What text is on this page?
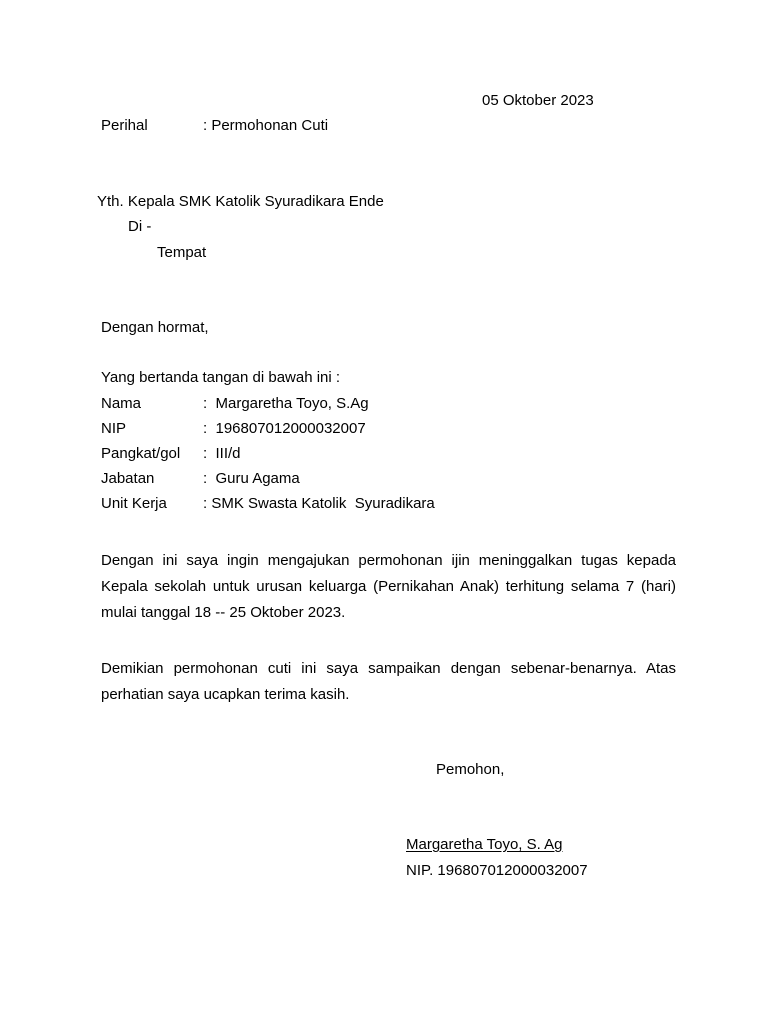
05 Oktober 2023
Perihal	: Permohonan Cuti
Yth. Kepala SMK Katolik Syuradikara Ende
Di -
Tempat
Dengan hormat,
Yang bertanda tangan di bawah ini :
Nama	:  Margaretha Toyo, S.Ag
NIP	:  196807012000032007
Pangkat/gol :  III/d
Jabatan	:  Guru Agama
Unit Kerja : SMK Swasta Katolik  Syuradikara
Dengan ini saya ingin mengajukan permohonan ijin meninggalkan tugas kepada Kepala sekolah untuk urusan keluarga (Pernikahan Anak) terhitung selama 7 (hari) mulai tanggal 18 -- 25 Oktober 2023.
Demikian permohonan cuti ini saya sampaikan dengan sebenar-benarnya. Atas perhatian saya ucapkan terima kasih.
Pemohon,
Margaretha Toyo, S. Ag
NIP. 196807012000032007
